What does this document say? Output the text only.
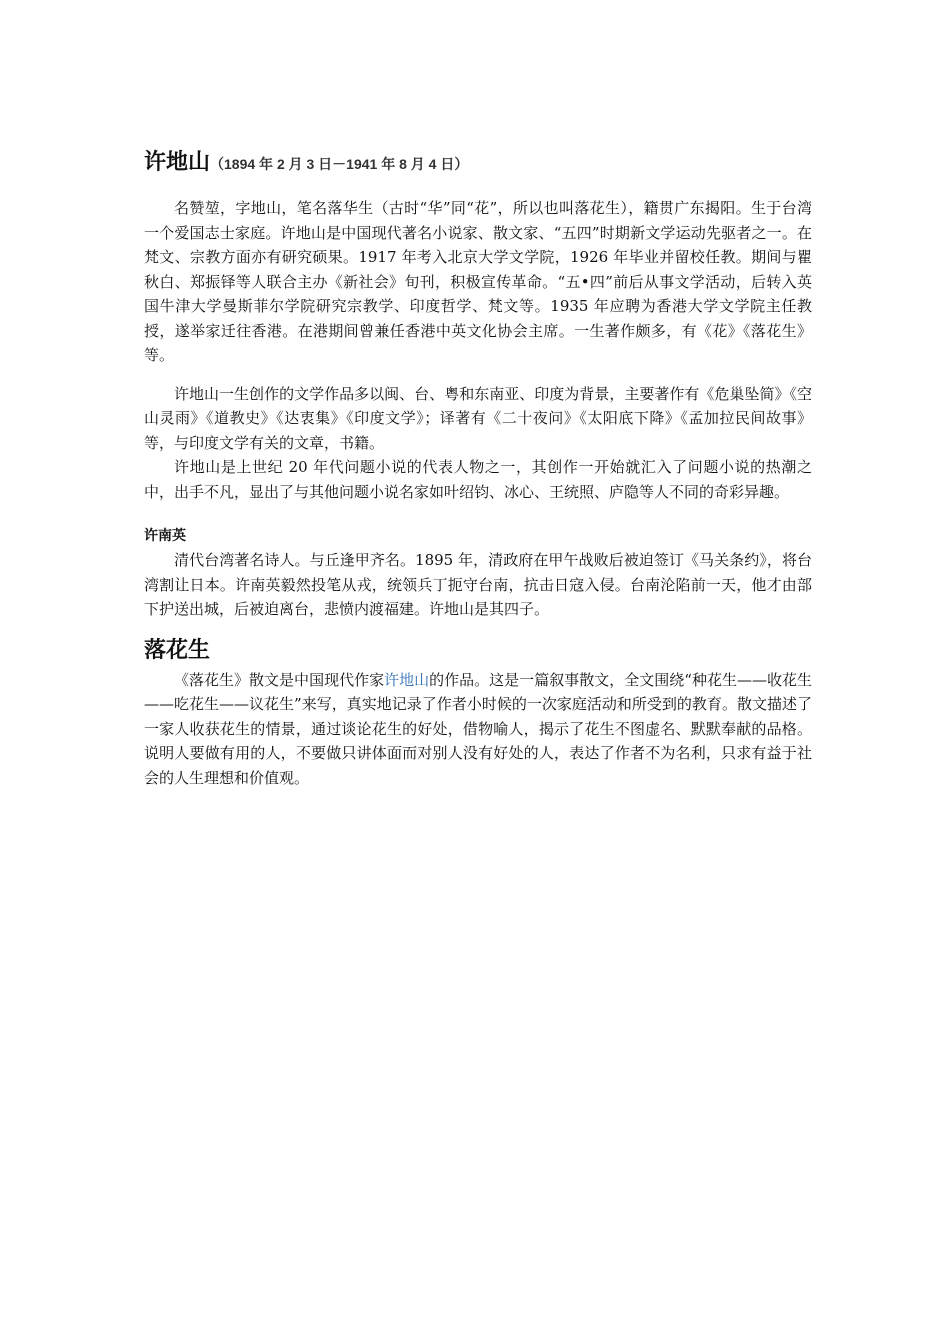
许地山（1894 年 2 月 3 日－1941 年 8 月 4 日）

名赞堃，字地山，笔名落华生（古时“华”同“花”，所以也叫落花生），籍贯广东揭阳。生于台湾一个爱国志士家庭。许地山是中国现代著名小说家、散文家、“五四”时期新文学运动先驱者之一。在梵文、宗教方面亦有研究硕果。1917 年考入北京大学文学院，1926 年毕业并留校任教。期间与瞿秋白、郑振铎等人联合主办《新社会》旬刊，积极宣传革命。“五•四”前后从事文学活动，后转入英国牛津大学曼斯菲尔学院研究宗教学、印度哲学、梵文等。1935 年应聘为香港大学文学院主任教授，遂举家迁往香港。在港期间曾兼任香港中英文化协会主席。一生著作颇多，有《花》《落花生》等。

许地山一生创作的文学作品多以闽、台、粤和东南亚、印度为背景，主要著作有《危巢坠简》《空山灵雨》《道教史》《达衷集》《印度文学》；译著有《二十夜问》《太阳底下降》《孟加拉民间故事》等，与印度文学有关的文章，书籍。

许地山是上世纪 20 年代问题小说的代表人物之一，其创作一开始就汇入了问题小说的热潮之中，出手不凡，显出了与其他问题小说名家如叶绍钧、冰心、王统照、庐隐等人不同的奇彩异趣。

许南英

清代台湾著名诗人。与丘逢甲齐名。1895 年，清政府在甲午战败后被迫签订《马关条约》，将台湾割让日本。许南英毅然投笔从戎，统领兵丁扼守台南，抗击日寇入侵。台南沦陷前一天，他才由部下护送出城，后被迫离台，悲愤内渡福建。许地山是其四子。

落花生

《落花生》散文是中国现代作家许地山的作品。这是一篇叙事散文，全文围绕“种花生——收花生——吃花生——议花生”来写，真实地记录了作者小时候的一次家庭活动和所受到的教育。散文描述了一家人收获花生的情景，通过谈论花生的好处，借物喻人，揭示了花生不图虚名、默默奉献的品格。说明人要做有用的人，不要做只讲体面而对别人没有好处的人，表达了作者不为名利，只求有益于社会的人生理想和价值观。
